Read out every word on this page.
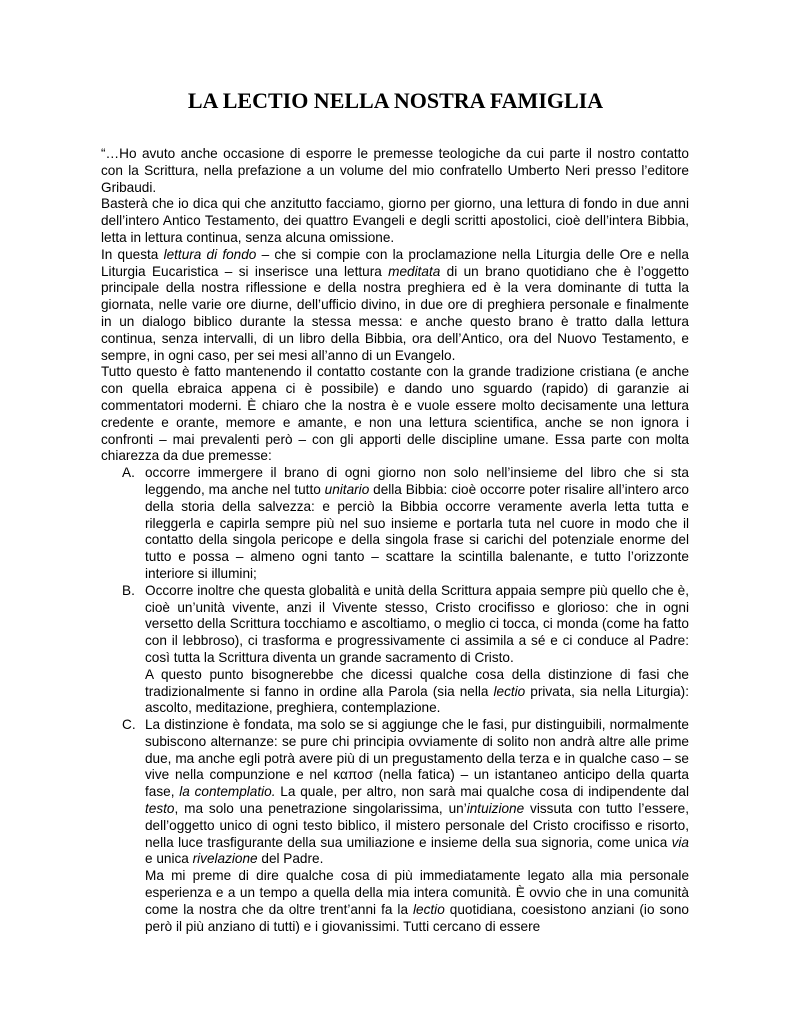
LA LECTIO NELLA NOSTRA FAMIGLIA

“…Ho avuto anche occasione di esporre le premesse teologiche da cui parte il nostro contatto con la Scrittura, nella prefazione a un volume del mio confratello Umberto Neri presso l’editore Gribaudi.

Basterà che io dica qui che anzitutto facciamo, giorno per giorno, una lettura di fondo in due anni dell’intero Antico Testamento, dei quattro Evangeli e degli scritti apostolici, cioè dell’intera Bibbia, letta in lettura continua, senza alcuna omissione.

In questa lettura di fondo – che si compie con la proclamazione nella Liturgia delle Ore e nella Liturgia Eucaristica – si inserisce una lettura meditata di un brano quotidiano che è l’oggetto principale della nostra riflessione e della nostra preghiera ed è la vera dominante di tutta la giornata, nelle varie ore diurne, dell’ufficio divino, in due ore di preghiera personale e finalmente in un dialogo biblico durante la stessa messa: e anche questo brano è tratto dalla lettura continua, senza intervalli, di un libro della Bibbia, ora dell’Antico, ora del Nuovo Testamento, e sempre, in ogni caso, per sei mesi all’anno di un Evangelo.

Tutto questo è fatto mantenendo il contatto costante con la grande tradizione cristiana (e anche con quella ebraica appena ci è possibile) e dando uno sguardo (rapido) di garanzie ai commentatori moderni. È chiaro che la nostra è e vuole essere molto decisamente una lettura credente e orante, memore e amante, e non una lettura scientifica, anche se non ignora i confronti – mai prevalenti però – con gli apporti delle discipline umane. Essa parte con molta chiarezza da due premesse:

A. occorre immergere il brano di ogni giorno non solo nell’insieme del libro che si sta leggendo, ma anche nel tutto unitario della Bibbia: cioè occorre poter risalire all’intero arco della storia della salvezza: e perciò la Bibbia occorre veramente averla letta tutta e rileggerla e capirla sempre più nel suo insieme e portarla tuta nel cuore in modo che il contatto della singola pericope e della singola frase si carichi del potenziale enorme del tutto e possa – almeno ogni tanto – scattare la scintilla balenante, e tutto l’orizzonte interiore si illumini;

B. Occorre inoltre che questa globalità e unità della Scrittura appaia sempre più quello che è, cioè un’unità vivente, anzi il Vivente stesso, Cristo crocifisso e glorioso: che in ogni versetto della Scrittura tocchiamo e ascoltiamo, o meglio ci tocca, ci monda (come ha fatto con il lebbroso), ci trasforma e progressivamente ci assimila a sé e ci conduce al Padre: così tutta la Scrittura diventa un grande sacramento di Cristo.

A questo punto bisognerebbe che dicessi qualche cosa della distinzione di fasi che tradizionalmente si fanno in ordine alla Parola (sia nella lectio privata, sia nella Liturgia): ascolto, meditazione, preghiera, contemplazione.

C. La distinzione è fondata, ma solo se si aggiunge che le fasi, pur distinguibili, normalmente subiscono alternanze: se pure chi principia ovviamente di solito non andrà altre alle prime due, ma anche egli potrà avere più di un pregustamento della terza e in qualche caso – se vive nella compunzione e nel καποσ (nella fatica) – un istantaneo anticipo della quarta fase, la contemplatio. La quale, per altro, non sarà mai qualche cosa di indipendente dal testo, ma solo una penetrazione singolarissima, un’intuizione vissuta con tutto l’essere, dell’oggetto unico di ogni testo biblico, il mistero personale del Cristo crocifisso e risorto, nella luce trasfigurante della sua umiliazione e insieme della sua signoria, come unica via e unica rivelazione del Padre.

Ma mi preme di dire qualche cosa di più immediatamente legato alla mia personale esperienza e a un tempo a quella della mia intera comunità. È ovvio che in una comunità come la nostra che da oltre trent’anni fa la lectio quotidiana, coesistono anziani (io sono però il più anziano di tutti) e i giovanissimi. Tutti cercano di essere
